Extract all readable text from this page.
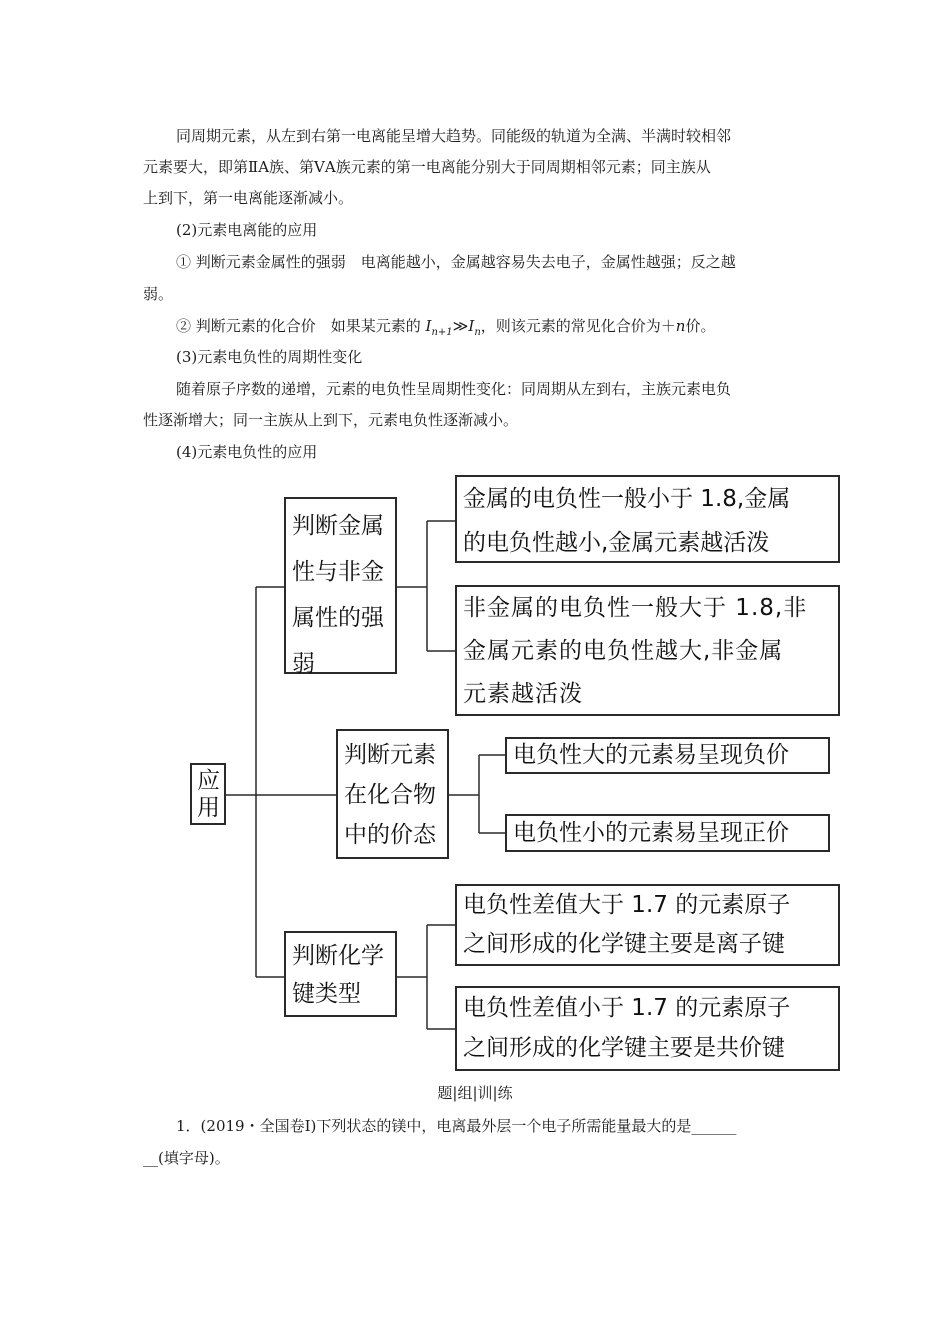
同周期元素，从左到右第一电离能呈增大趋势。同能级的轨道为全满、半满时较相邻
元素要大，即第ⅡA族、第ⅤA族元素的第一电离能分别大于同周期相邻元素；同主族从
上到下，第一电离能逐渐减小。
(2)元素电离能的应用
① 判断元素金属性的强弱　电离能越小，金属越容易失去电子，金属性越强；反之越
弱。
② 判断元素的化合价　如果某元素的 $I_{n+1}≫I_n$，则该元素的常见化合价为＋n价。
(3)元素电负性的周期性变化
随着原子序数的递增，元素的电负性呈周期性变化：同周期从左到右，主族元素电负
性逐渐增大；同一主族从上到下，元素电负性逐渐减小。
(4)元素电负性的应用
应
用
判断金属
性与非金
属性的强
弱
金属的电负性一般小于 1.8,金属
的电负性越小,金属元素越活泼
非金属的电负性一般大于 1.8,非
金属元素的电负性越大,非金属
元素越活泼
判断元素
在化合物
中的价态
电负性大的元素易呈现负价
电负性小的元素易呈现正价
判断化学
键类型
电负性差值大于 1.7 的元素原子
之间形成的化学键主要是离子键
电负性差值小于 1.7 的元素原子
之间形成的化学键主要是共价键
题|组|训|练
1．(2019・全国卷Ⅰ)下列状态的镁中，电离最外层一个电子所需能量最大的是______
__(填字母)。
